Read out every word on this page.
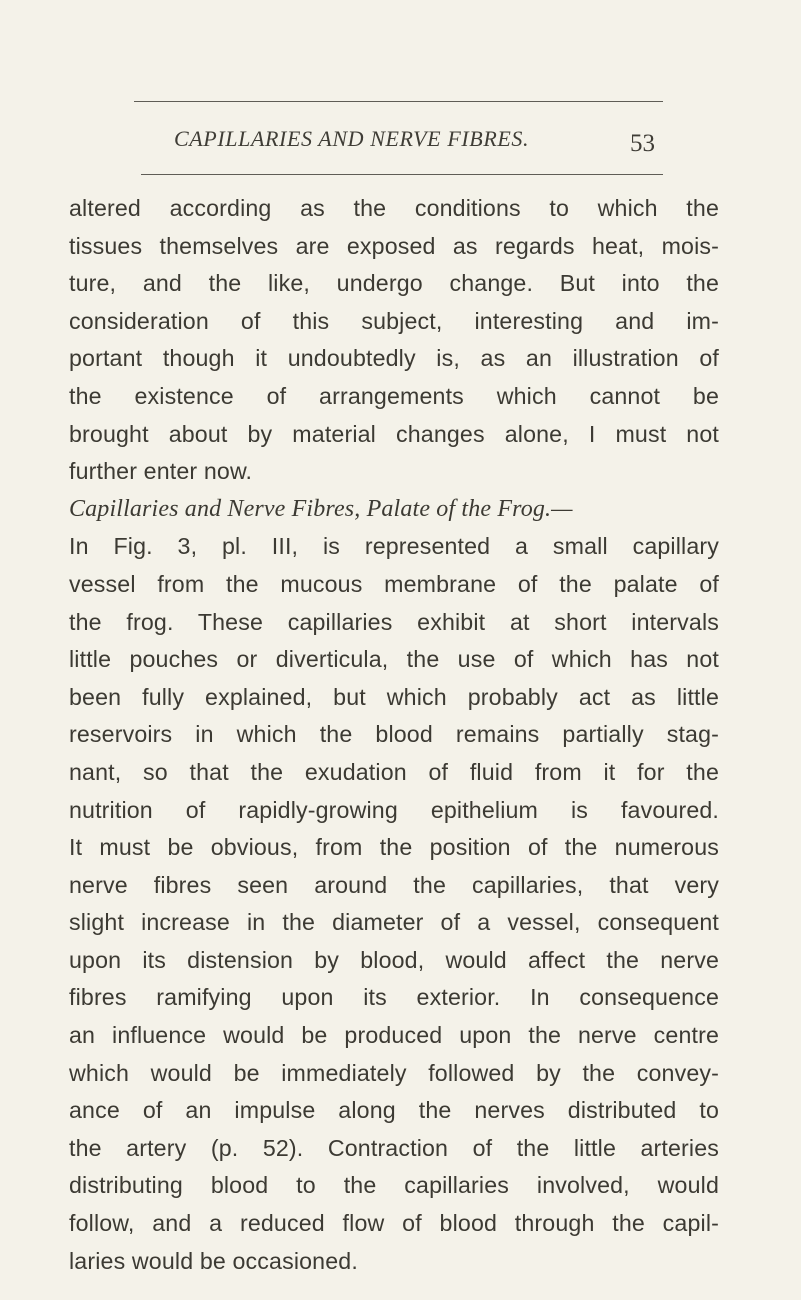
CAPILLARIES AND NERVE FIBRES.	53
altered according as the conditions to which the
tissues themselves are exposed as regards heat, mois-
ture, and the like, undergo change. But into the
consideration of this subject, interesting and im-
portant though it undoubtedly is, as an illustration of
the existence of arrangements which cannot be
brought about by material changes alone, I must not
further enter now.
Capillaries and Nerve Fibres, Palate of the Frog.—
In Fig. 3, pl. III, is represented a small capillary
vessel from the mucous membrane of the palate of
the frog. These capillaries exhibit at short intervals
little pouches or diverticula, the use of which has not
been fully explained, but which probably act as little
reservoirs in which the blood remains partially stag-
nant, so that the exudation of fluid from it for the
nutrition of rapidly-growing epithelium is favoured.
It must be obvious, from the position of the numerous
nerve fibres seen around the capillaries, that very
slight increase in the diameter of a vessel, consequent
upon its distension by blood, would affect the nerve
fibres ramifying upon its exterior. In consequence
an influence would be produced upon the nerve centre
which would be immediately followed by the convey-
ance of an impulse along the nerves distributed to
the artery (p. 52). Contraction of the little arteries
distributing blood to the capillaries involved, would
follow, and a reduced flow of blood through the capil-
laries would be occasioned.
